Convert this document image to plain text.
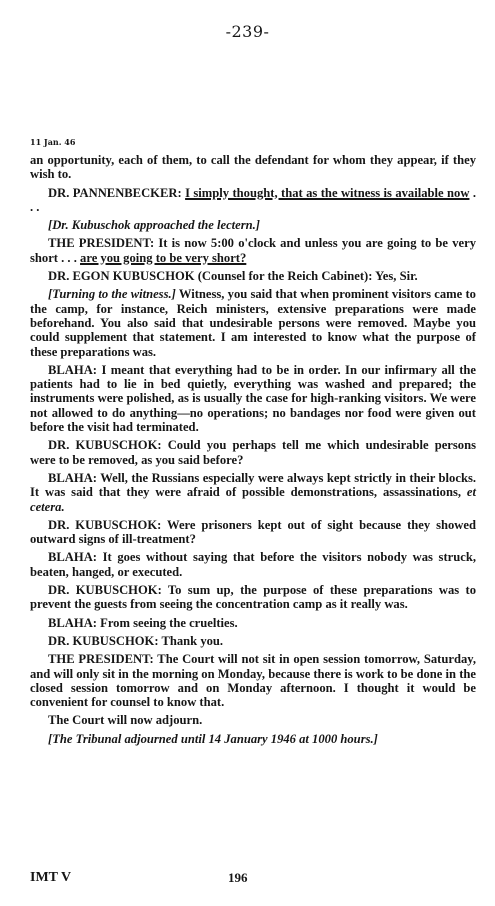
-239-
11 Jan. 46

an opportunity, each of them, to call the defendant for whom they appear, if they wish to.

DR. PANNENBECKER: I simply thought, that as the witness is available now . . .

[Dr. Kubuschok approached the lectern.]

THE PRESIDENT: It is now 5:00 o'clock and unless you are going to be very short . . . are you going to be very short?

DR. EGON KUBUSCHOK (Counsel for the Reich Cabinet): Yes, Sir.

[Turning to the witness.] Witness, you said that when prominent visitors came to the camp, for instance, Reich ministers, extensive preparations were made beforehand. You also said that undesirable persons were removed. Maybe you could supplement that statement. I am interested to know what the purpose of these preparations was.

BLAHA: I meant that everything had to be in order. In our infirmary all the patients had to lie in bed quietly, everything was washed and prepared; the instruments were polished, as is usually the case for high-ranking visitors. We were not allowed to do anything—no operations; no bandages nor food were given out before the visit had terminated.

DR. KUBUSCHOK: Could you perhaps tell me which undesirable persons were to be removed, as you said before?

BLAHA: Well, the Russians especially were always kept strictly in their blocks. It was said that they were afraid of possible demonstrations, assassinations, et cetera.

DR. KUBUSCHOK: Were prisoners kept out of sight because they showed outward signs of ill-treatment?

BLAHA: It goes without saying that before the visitors nobody was struck, beaten, hanged, or executed.

DR. KUBUSCHOK: To sum up, the purpose of these preparations was to prevent the guests from seeing the concentration camp as it really was.

BLAHA: From seeing the cruelties.

DR. KUBUSCHOK: Thank you.

THE PRESIDENT: The Court will not sit in open session tomorrow, Saturday, and will only sit in the morning on Monday, because there is work to be done in the closed session tomorrow and on Monday afternoon. I thought it would be convenient for counsel to know that.

The Court will now adjourn.

[The Tribunal adjourned until 14 January 1946 at 1000 hours.]

IMT V	196
